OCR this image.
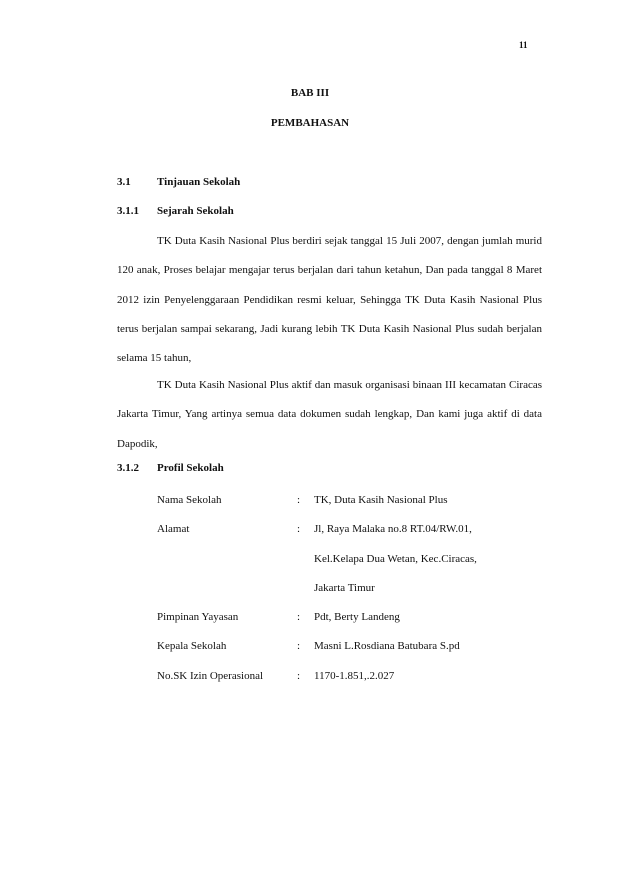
11
BAB III
PEMBAHASAN
3.1 Tinjauan Sekolah
3.1.1 Sejarah Sekolah
TK Duta Kasih Nasional Plus berdiri sejak tanggal 15 Juli 2007, dengan jumlah murid 120 anak, Proses belajar mengajar terus berjalan dari tahun ketahun, Dan pada tanggal 8 Maret 2012 izin Penyelenggaraan Pendidikan resmi keluar, Sehingga TK Duta Kasih Nasional Plus terus berjalan sampai sekarang, Jadi kurang lebih TK Duta Kasih Nasional Plus sudah berjalan selama 15 tahun,
TK Duta Kasih Nasional Plus aktif dan masuk organisasi binaan III kecamatan Ciracas Jakarta Timur, Yang artinya semua data dokumen sudah lengkap, Dan kami juga aktif di data Dapodik,
3.1.2 Profil Sekolah
Nama Sekolah	:	TK, Duta Kasih Nasional Plus
Alamat	:	Jl, Raya Malaka no.8 RT.04/RW.01,
		Kel.Kelapa Dua Wetan, Kec.Ciracas,
		Jakarta Timur
Pimpinan Yayasan	:	Pdt, Berty Landeng
Kepala Sekolah	:	Masni L.Rosdiana Batubara S.pd
No.SK Izin Operasional	:	1170-1.851,.2.027
